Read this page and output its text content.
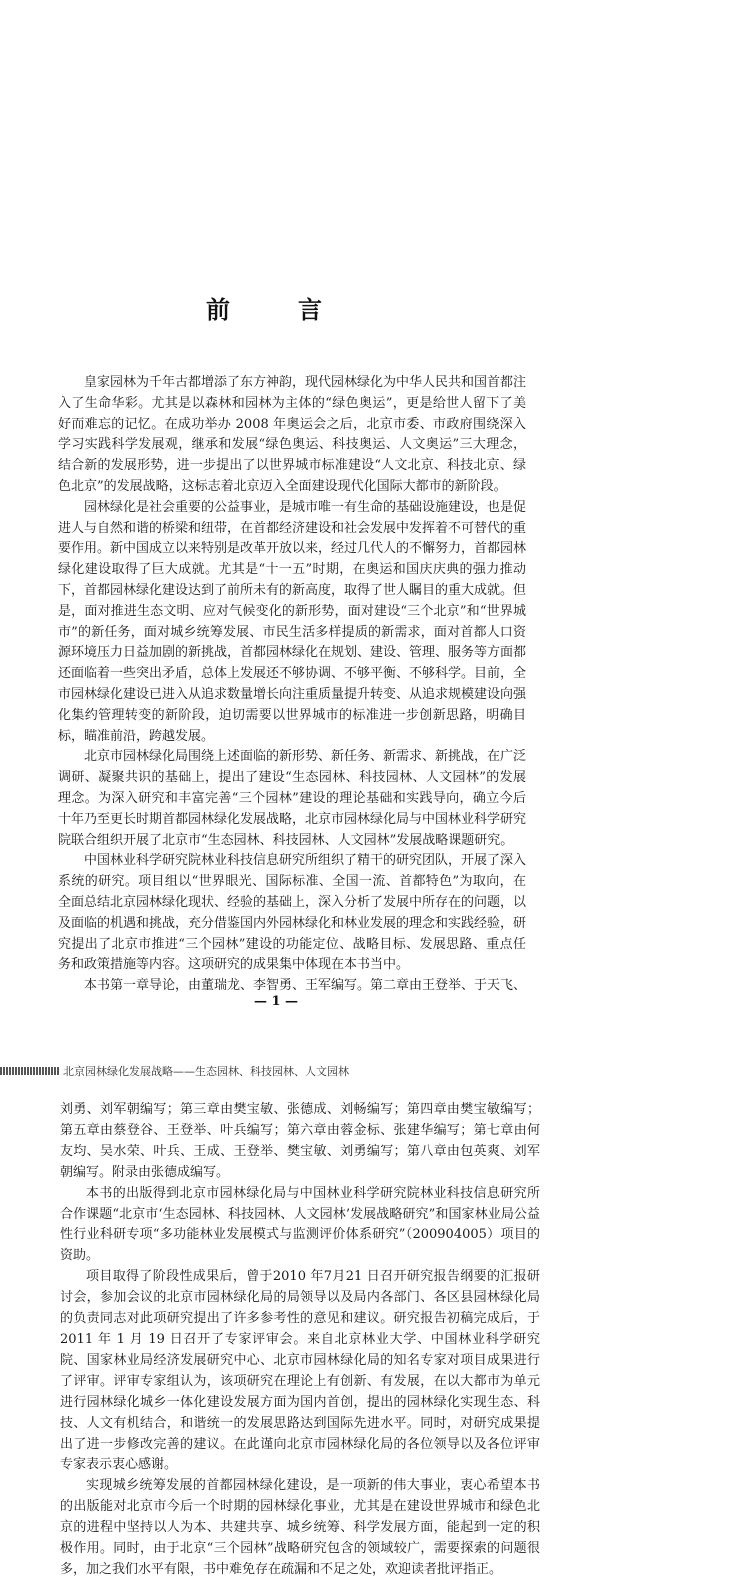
前　言

皇家园林为千年古都增添了东方神韵，现代园林绿化为中华人民共和国首都注入了生命华彩。尤其是以森林和园林为主体的“绿色奥运”，更是给世人留下了美好而难忘的记忆。在成功举办 2008 年奥运会之后，北京市委、市政府围绕深入学习实践科学发展观，继承和发展“绿色奥运、科技奥运、人文奥运”三大理念，结合新的发展形势，进一步提出了以世界城市标准建设“人文北京、科技北京、绿色北京”的发展战略，这标志着北京迈入全面建设现代化国际大都市的新阶段。

园林绿化是社会重要的公益事业，是城市唯一有生命的基础设施建设，也是促进人与自然和谐的桥梁和纽带，在首都经济建设和社会发展中发挥着不可替代的重要作用。新中国成立以来特别是改革开放以来，经过几代人的不懈努力，首都园林绿化建设取得了巨大成就。尤其是“十一五”时期，在奥运和国庆庆典的强力推动下，首都园林绿化建设达到了前所未有的新高度，取得了世人瞩目的重大成就。但是，面对推进生态文明、应对气候变化的新形势，面对建设“三个北京”和“世界城市”的新任务，面对城乡统筹发展、市民生活多样提质的新需求，面对首都人口资源环境压力日益加剧的新挑战，首都园林绿化在规划、建设、管理、服务等方面都还面临着一些突出矛盾，总体上发展还不够协调、不够平衡、不够科学。目前，全市园林绿化建设已进入从追求数量增长向注重质量提升转变、从追求规模建设向强化集约管理转变的新阶段，迫切需要以世界城市的标准进一步创新思路，明确目标，瞄准前沿，跨越发展。

北京市园林绿化局围绕上述面临的新形势、新任务、新需求、新挑战，在广泛调研、凝聚共识的基础上，提出了建设“生态园林、科技园林、人文园林”的发展理念。为深入研究和丰富完善“三个园林”建设的理论基础和实践导向，确立今后十年乃至更长时期首都园林绿化发展战略，北京市园林绿化局与中国林业科学研究院联合组织开展了北京市“生态园林、科技园林、人文园林”发展战略课题研究。

中国林业科学研究院林业科技信息研究所组织了精干的研究团队，开展了深入系统的研究。项目组以“世界眼光、国际标准、全国一流、首都特色”为取向，在全面总结北京园林绿化现状、经验的基础上，深入分析了发展中所存在的问题，以及面临的机遇和挑战，充分借鉴国内外园林绿化和林业发展的理念和实践经验，研究提出了北京市推进“三个园林”建设的功能定位、战略目标、发展思路、重点任务和政策措施等内容。这项研究的成果集中体现在本书当中。

本书第一章导论，由董瑞龙、李智勇、王军编写。第二章由王登举、于天飞、

— 1 —
北京园林绿化发展战略——生态园林、科技园林、人文园林

刘勇、刘军朝编写；第三章由樊宝敏、张德成、刘畅编写；第四章由樊宝敏编写；第五章由蔡登谷、王登举、叶兵编写；第六章由蓉金标、张建华编写；第七章由何友均、吴水荣、叶兵、王成、王登举、樊宝敏、刘勇编写；第八章由包英爽、刘军朝编写。附录由张德成编写。

本书的出版得到北京市园林绿化局与中国林业科学研究院林业科技信息研究所合作课题“北京市‘生态园林、科技园林、人文园林’发展战略研究”和国家林业局公益性行业科研专项“多功能林业发展模式与监测评价体系研究”（200904005）项目的资助。

项目取得了阶段性成果后，曾于2010 年7月21 日召开研究报告纲要的汇报研讨会，参加会议的北京市园林绿化局的局领导以及局内各部门、各区县园林绿化局的负责同志对此项研究提出了许多参考性的意见和建议。研究报告初稿完成后，于 2011 年 1 月 19 日召开了专家评审会。来自北京林业大学、中国林业科学研究院、国家林业局经济发展研究中心、北京市园林绿化局的知名专家对项目成果进行了评审。评审专家组认为，该项研究在理论上有创新、有发展，在以大都市为单元进行园林绿化城乡一体化建设发展方面为国内首创，提出的园林绿化实现生态、科技、人文有机结合，和谐统一的发展思路达到国际先进水平。同时，对研究成果提出了进一步修改完善的建议。在此谨向北京市园林绿化局的各位领导以及各位评审专家表示衷心感谢。

实现城乡统筹发展的首都园林绿化建设，是一项新的伟大事业，衷心希望本书的出版能对北京市今后一个时期的园林绿化事业，尤其是在建设世界城市和绿色北京的进程中坚持以人为本、共建共享、城乡统筹、科学发展方面，能起到一定的积极作用。同时，由于北京“三个园林”战略研究包含的领域较广，需要探索的问题很多，加之我们水平有限，书中难免存在疏漏和不足之处，欢迎读者批评指正。
